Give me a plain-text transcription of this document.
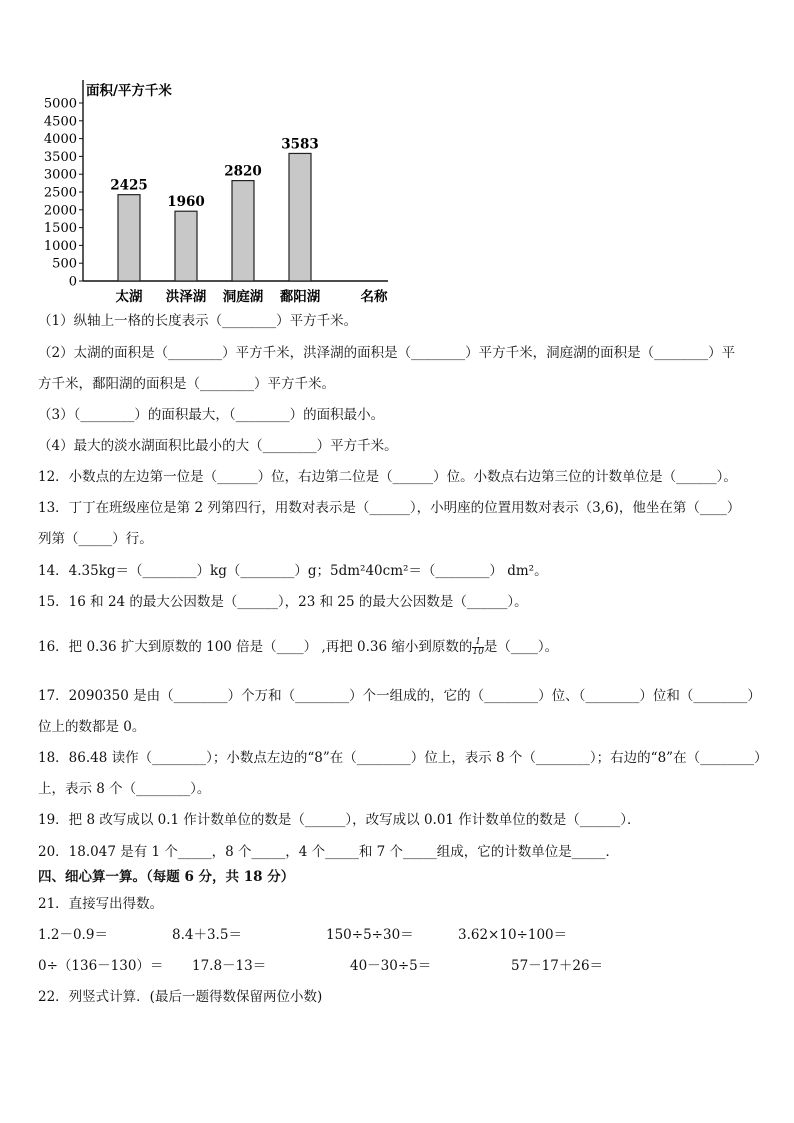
0
500
1000
1500
2000
2500
3000
3500
4000
4500
5000
面积/平方千米
2425
太湖
1960
洪泽湖
2820
洞庭湖
3583
鄱阳湖	名称
（1）纵轴上一格的长度表示（________）平方千米。
（2）太湖的面积是（________）平方千米，洪泽湖的面积是（________）平方千米，洞庭湖的面积是（________）平
方千米，鄱阳湖的面积是（________）平方千米。
（3）（________）的面积最大，（________）的面积最小。
（4）最大的淡水湖面积比最小的大（________）平方千米。
12．小数点的左边第一位是（______）位，右边第二位是（______）位。小数点右边第三位的计数单位是（______）。
13．丁丁在班级座位是第 2 列第四行，用数对表示是（______），小明座的位置用数对表示（3,6)，他坐在第（____）
列第（_____）行。
14．4.35kg＝（________）kg（________）g；5dm²40cm²＝（________） dm²。
15．16 和 24 的最大公因数是（______），23 和 25 的最大公因数是（______）。
16．把 0.36 扩大到原数的 100 倍是（____） ,再把 0.36 缩小到原数的 $\frac{1}{10}$ 是（____）。
17．2090350 是由（________）个万和（________）个一组成的，它的（________）位、（________）位和（________）
位上的数都是 0。
18．86.48 读作（________）；小数点左边的“8”在（________）位上，表示 8 个（________）；右边的“8”在（________）
上，表示 8 个（________）。
19．把 8 改写成以 0.1 作计数单位的数是（______），改写成以 0.01 作计数单位的数是（______）．
20．18.047 是有 1 个_____，8 个_____，4 个_____和 7 个_____组成，它的计数单位是_____．
四、细心算一算。（每题 6 分，共 18 分）
21．直接写出得数。
1.2－0.9＝	8.4＋3.5＝	150÷5÷30＝	3.62×10÷100＝
0÷（136－130）＝ 17.8－13＝	40－30÷5＝	57－17＋26＝
22．列竖式计算．(最后一题得数保留两位小数)
